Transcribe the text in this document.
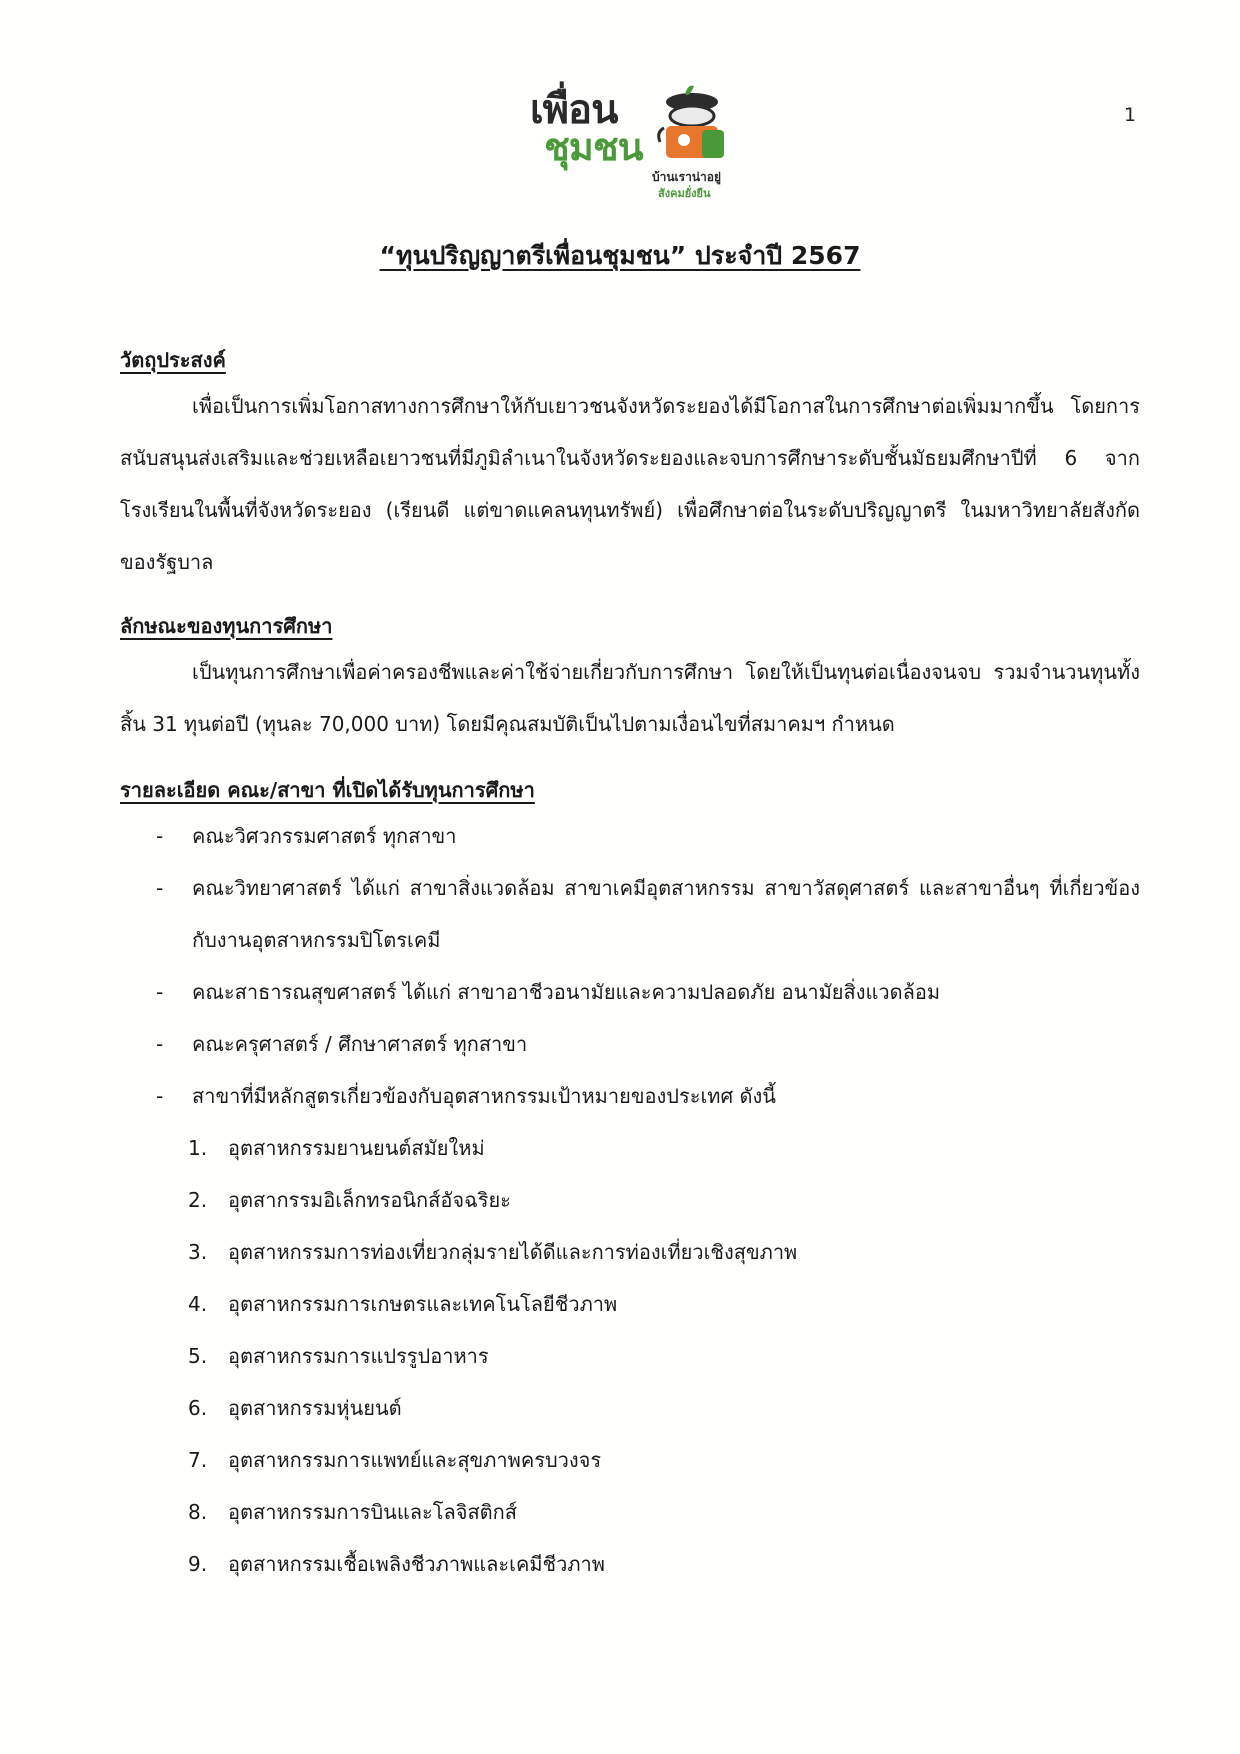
เพื่อน
ชุมชน
บ้านเราน่าอยู่
สังคมยั่งยืน
1
“ทุนปริญญาตรีเพื่อนชุมชน” ประจำปี 2567

วัตถุประสงค์

เพื่อเป็นการเพิ่มโอกาสทางการศึกษาให้กับเยาวชนจังหวัดระยองได้มีโอกาสในการศึกษาต่อเพิ่มมากขึ้น โดยการสนับสนุนส่งเสริมและช่วยเหลือเยาวชนที่มีภูมิลำเนาในจังหวัดระยองและจบการศึกษาระดับชั้นมัธยมศึกษาปีที่ 6 จากโรงเรียนในพื้นที่จังหวัดระยอง (เรียนดี แต่ขาดแคลนทุนทรัพย์) เพื่อศึกษาต่อในระดับปริญญาตรี ในมหาวิทยาลัยสังกัดของรัฐบาล

ลักษณะของทุนการศึกษา

เป็นทุนการศึกษาเพื่อค่าครองชีพและค่าใช้จ่ายเกี่ยวกับการศึกษา โดยให้เป็นทุนต่อเนื่องจนจบ รวมจำนวนทุนทั้งสิ้น 31 ทุนต่อปี (ทุนละ 70,000 บาท) โดยมีคุณสมบัติเป็นไปตามเงื่อนไขที่สมาคมฯ กำหนด

รายละเอียด คณะ/สาขา ที่เปิดได้รับทุนการศึกษา

- คณะวิศวกรรมศาสตร์ ทุกสาขา
- คณะวิทยาศาสตร์ ได้แก่ สาขาสิ่งแวดล้อม สาขาเคมีอุตสาหกรรม สาขาวัสดุศาสตร์ และสาขาอื่นๆ ที่เกี่ยวข้องกับงานอุตสาหกรรมปิโตรเคมี
- คณะสาธารณสุขศาสตร์ ได้แก่ สาขาอาชีวอนามัยและความปลอดภัย อนามัยสิ่งแวดล้อม
- คณะครุศาสตร์ / ศึกษาศาสตร์ ทุกสาขา
- สาขาที่มีหลักสูตรเกี่ยวข้องกับอุตสาหกรรมเป้าหมายของประเทศ ดังนี้
1. อุตสาหกรรมยานยนต์สมัยใหม่
2. อุตสากรรมอิเล็กทรอนิกส์อัจฉริยะ
3. อุตสาหกรรมการท่องเที่ยวกลุ่มรายได้ดีและการท่องเที่ยวเชิงสุขภาพ
4. อุตสาหกรรมการเกษตรและเทคโนโลยีชีวภาพ
5. อุตสาหกรรมการแปรรูปอาหาร
6. อุตสาหกรรมหุ่นยนต์
7. อุตสาหกรรมการแพทย์และสุขภาพครบวงจร
8. อุตสาหกรรมการบินและโลจิสติกส์
9. อุตสาหกรรมเชื้อเพลิงชีวภาพและเคมีชีวภาพ
